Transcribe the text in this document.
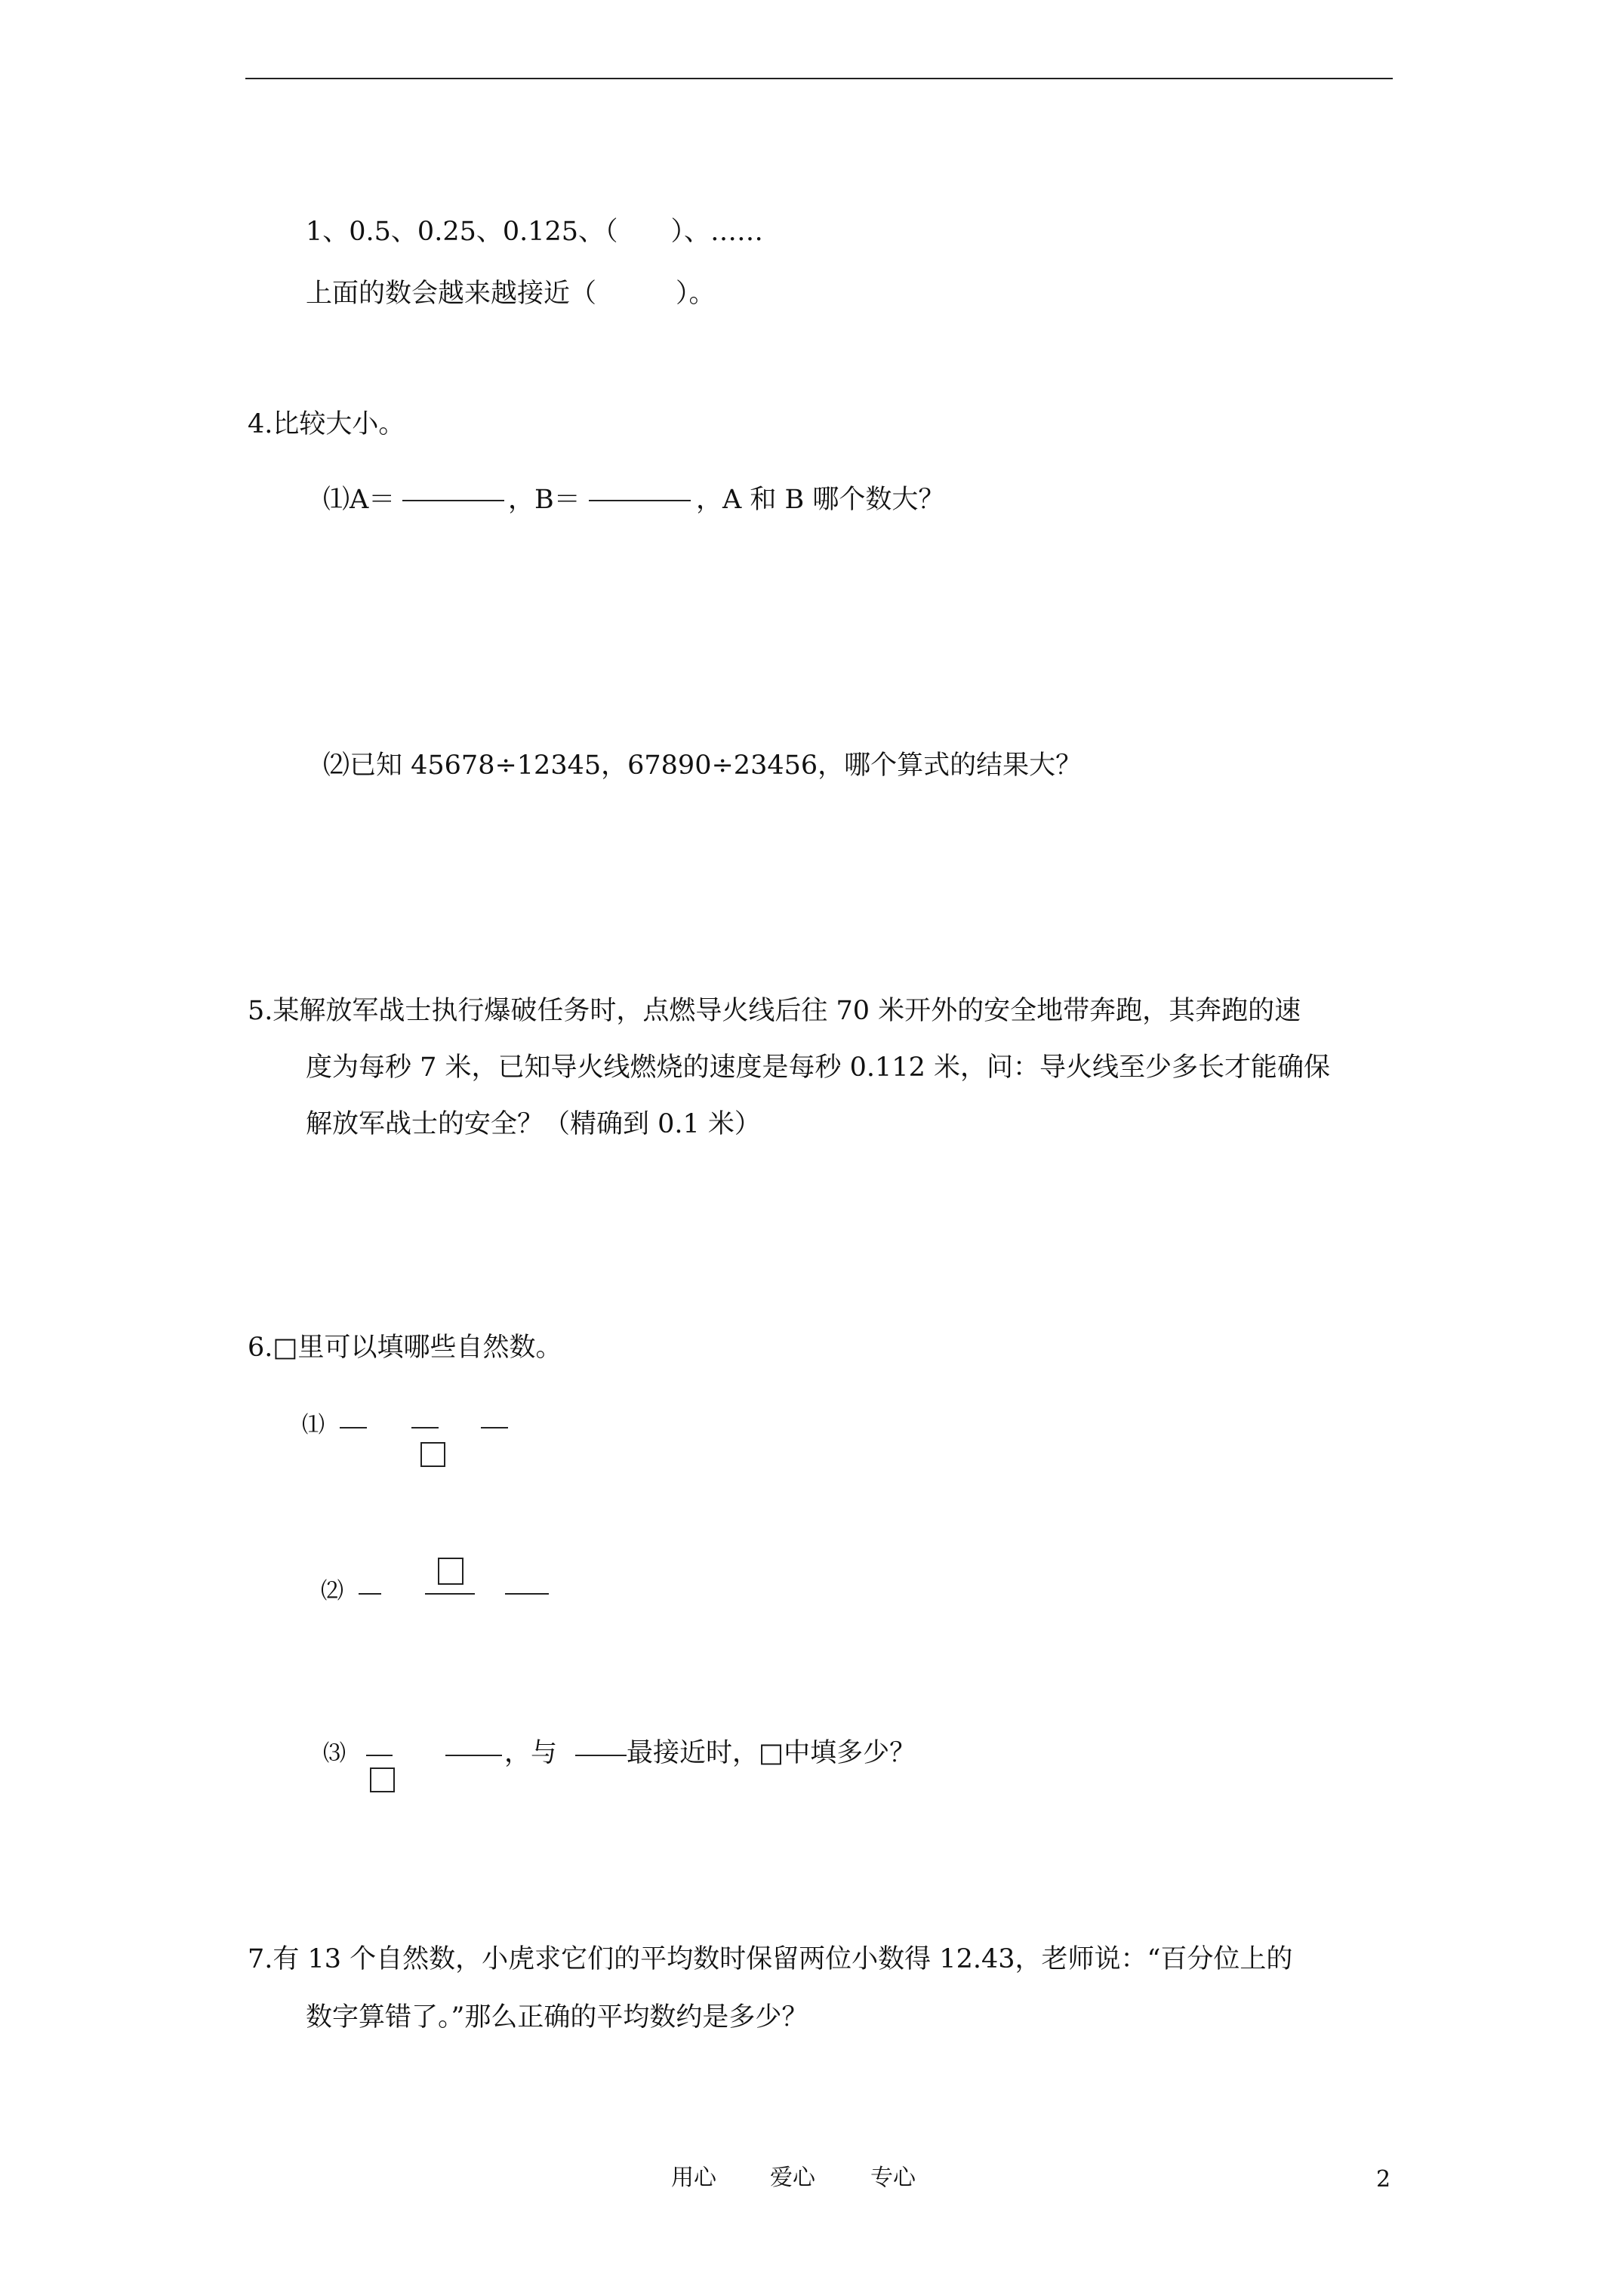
1、0.5、0.25、0.125、（　　）、……
上面的数会越来越接近（　　　）。
4.比较大小。
⑴A＝	，B＝	，A 和 B 哪个数大？
⑵已知 45678÷12345，67890÷23456，哪个算式的结果大？
5.某解放军战士执行爆破任务时，点燃导火线后往 70 米开外的安全地带奔跑，其奔跑的速
度为每秒 7 米，已知导火线燃烧的速度是每秒 0.112 米，问：导火线至少多长才能确保
解放军战士的安全？（精确到 0.1 米）
6.□里可以填哪些自然数。
⑴
⑵
⑶	，与	最接近时，□中填多少？
7.有 13 个自然数，小虎求它们的平均数时保留两位小数得 12.43，老师说：“百分位上的
数字算错了。”那么正确的平均数约是多少？
用心 爱心 专心	2
